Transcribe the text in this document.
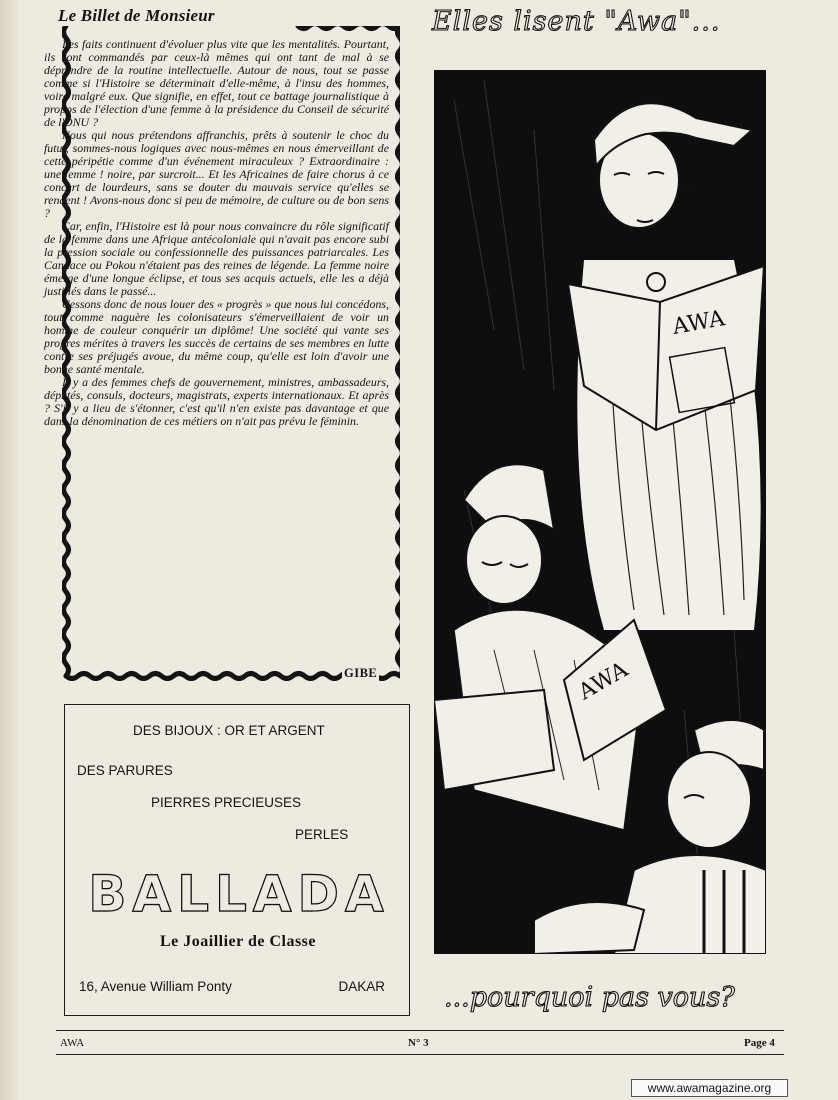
Le Billet de Monsieur

Les faits continuent d'évoluer plus vite que les mentalités. Pourtant, ils sont commandés par ceux-là mêmes qui ont tant de mal à se déprendre de la routine intellectuelle. Autour de nous, tout se passe comme si l'Histoire se déterminait d'elle-même, à l'insu des hommes, voire malgré eux. Que signifie, en effet, tout ce battage journalistique à propos de l'élection d'une femme à la présidence du Conseil de sécurité de l'ONU ?

Nous qui nous prétendons affranchis, prêts à soutenir le choc du futur, sommes-nous logiques avec nous-mêmes en nous émerveillant de cette péripétie comme d'un événement miraculeux ? Extraordinaire : une femme ! noire, par surcroit... Et les Africaines de faire chorus à ce concert de lourdeurs, sans se douter du mauvais service qu'elles se rendent ! Avons-nous donc si peu de mémoire, de culture ou de bon sens ?

Car, enfin, l'Histoire est là pour nous convaincre du rôle significatif de la femme dans une Afrique antécoloniale qui n'avait pas encore subi la pression sociale ou confessionnelle des puissances patriarcales. Les Candace ou Pokou n'étaient pas des reines de légende. La femme noire émerge d'une longue éclipse, et tous ses acquis actuels, elle les a déjà justifiés dans le passé...

Cessons donc de nous louer des « progrès » que nous lui concédons, tout comme naguère les colonisateurs s'émerveillaient de voir un homme de couleur conquérir un diplôme! Une société qui vante ses propres mérites à travers les succès de certains de ses membres en lutte contre ses préjugés avoue, du même coup, qu'elle est loin d'avoir une bonne santé mentale.

Il y a des femmes chefs de gouvernement, ministres, ambassadeurs, députés, consuls, docteurs, magistrats, experts internationaux. Et après ? S'il y a lieu de s'étonner, c'est qu'il n'en existe pas davantage et que dans la dénomination de ces métiers on n'ait pas prévu le féminin.

GIBE
DES BIJOUX : OR ET ARGENT
DES PARURES
PIERRES PRECIEUSES
PERLES
BALLADA
Le Joaillier de Classe
16, Avenue William Ponty	DAKAR
Elles lisent "Awa"...
AWA
AWA
...pourquoi pas vous?
AWA	N° 3	Page 4
www.awamagazine.org
